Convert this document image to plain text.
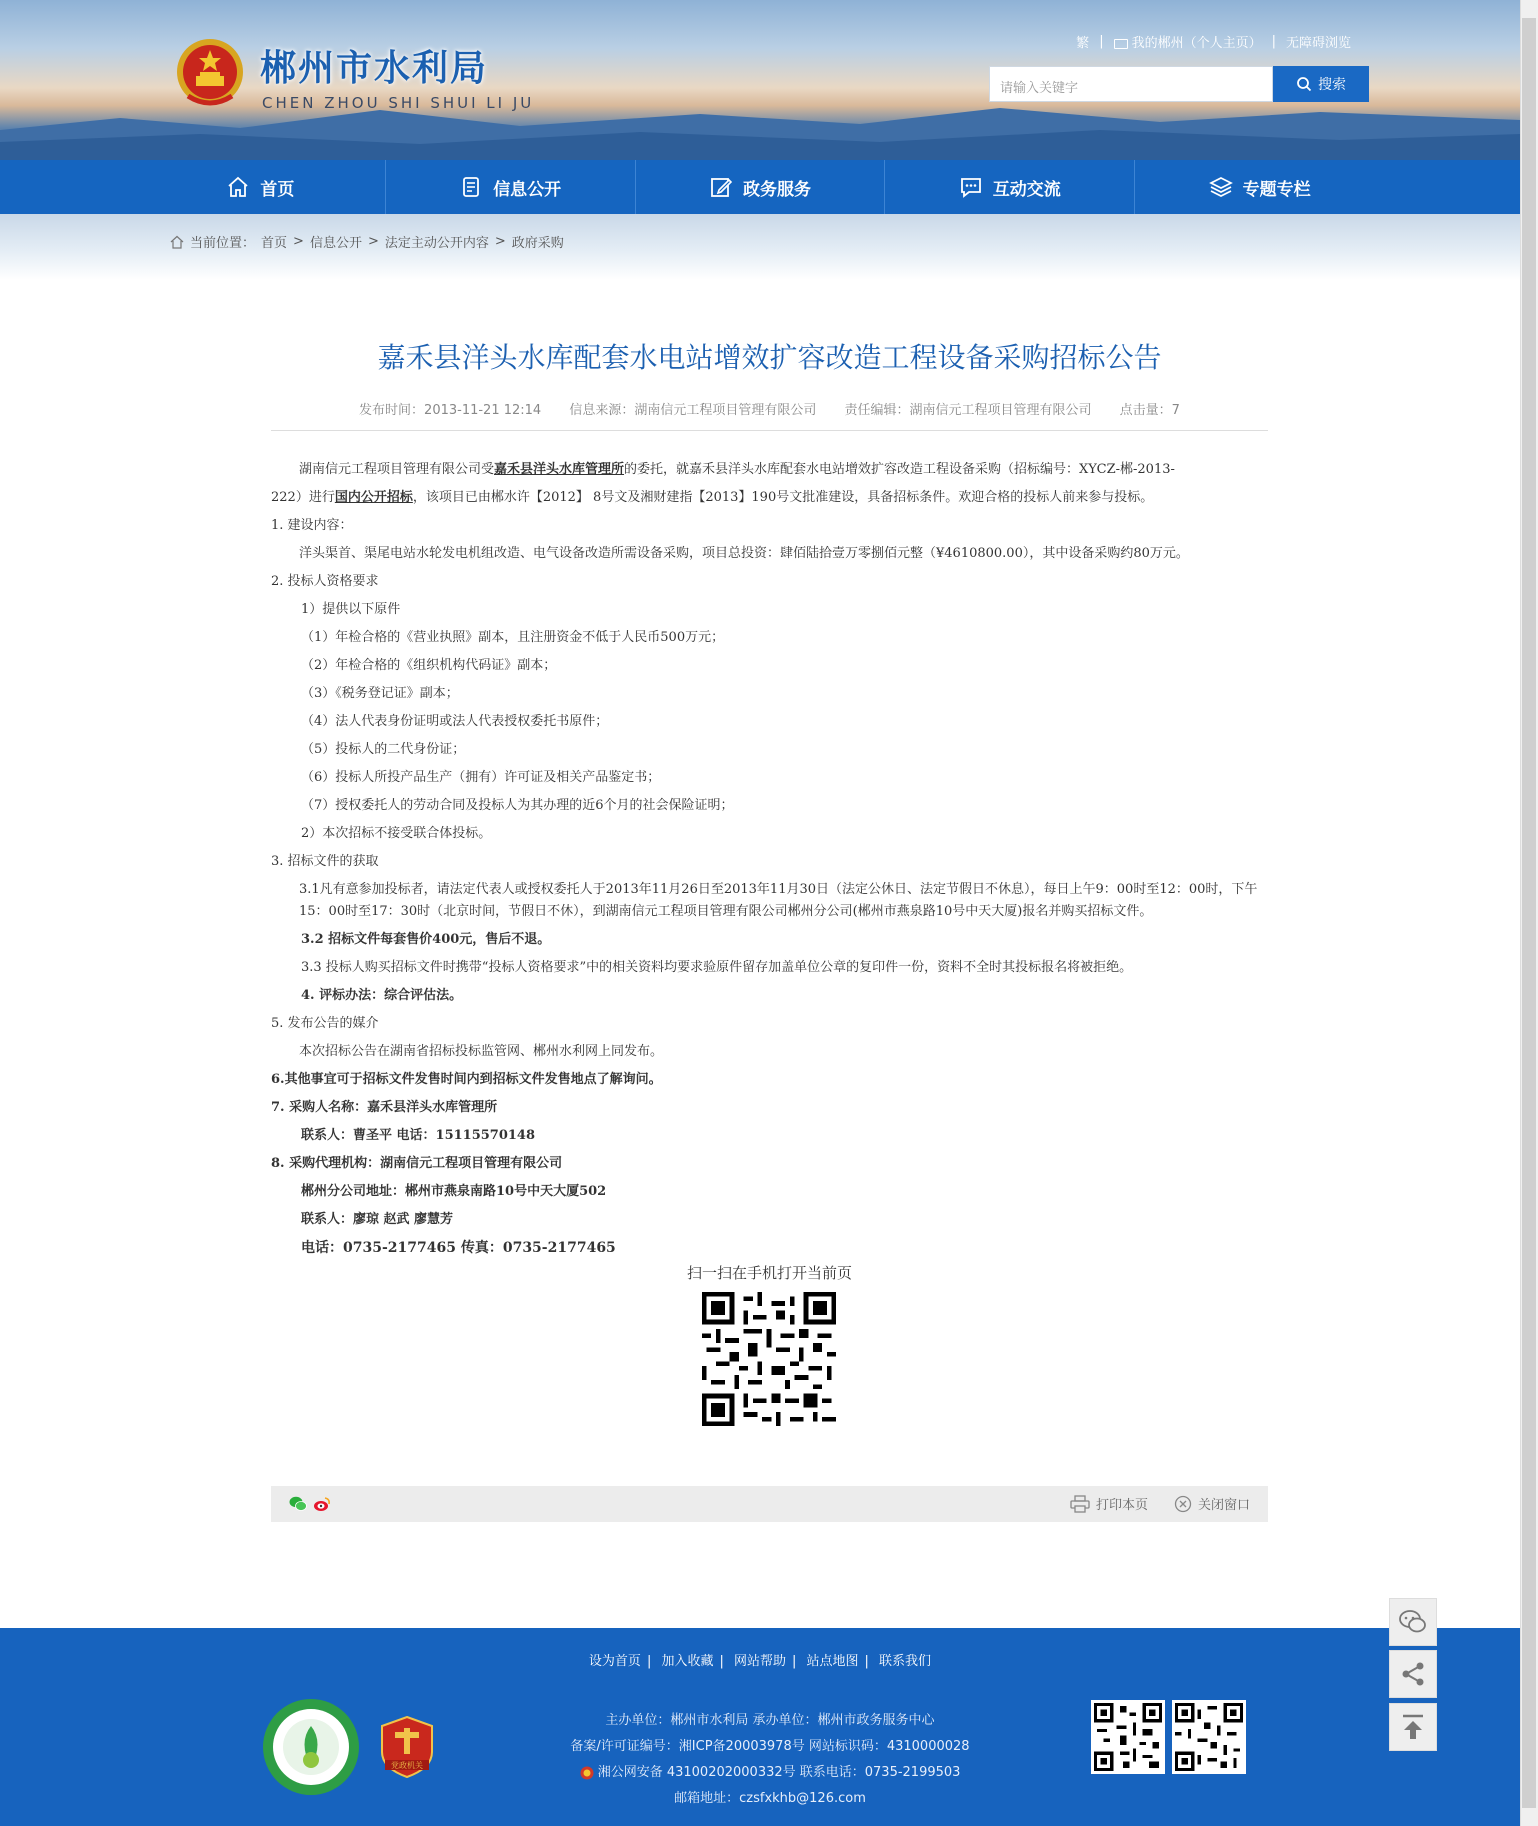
郴州市水利局
CHEN ZHOU SHI SHUI LI JU
繁 |	我的郴州（个人主页） | 无障碍浏览
请输入关键字	搜索
首页	信息公开	政务服务	互动交流	专题专栏
当前位置： 首页 > 信息公开 > 法定主动公开内容 > 政府采购
嘉禾县洋头水库配套水电站增效扩容改造工程设备采购招标公告
发布时间：2013-11-21 12:14 信息来源：湖南信元工程项目管理有限公司 责任编辑：湖南信元工程项目管理有限公司 点击量：7
湖南信元工程项目管理有限公司受嘉禾县洋头水库管理所的委托，就嘉禾县洋头水库配套水电站增效扩容改造工程设备采购（招标编号：XYCZ-郴-2013-
222）进行国内公开招标，该项目已由郴水许【2012】 8号文及湘财建指【2013】190号文批准建设，具备招标条件。欢迎合格的投标人前来参与投标。
1. 建设内容：
洋头渠首、渠尾电站水轮发电机组改造、电气设备改造所需设备采购，项目总投资：肆佰陆拾壹万零捌佰元整（¥4610800.00），其中设备采购约80万元。
2. 投标人资格要求
1）提供以下原件
（1）年检合格的《营业执照》副本，且注册资金不低于人民币500万元；
（2）年检合格的《组织机构代码证》副本；
（3）《税务登记证》副本；
（4）法人代表身份证明或法人代表授权委托书原件；
（5）投标人的二代身份证；
（6）投标人所投产品生产（拥有）许可证及相关产品鉴定书；
（7）授权委托人的劳动合同及投标人为其办理的近6个月的社会保险证明；
2）本次招标不接受联合体投标。
3. 招标文件的获取
3.1凡有意参加投标者，请法定代表人或授权委托人于2013年11月26日至2013年11月30日（法定公休日、法定节假日不休息），每日上午9：00时至12：00时，下午15：00时至17：30时（北京时间，节假日不休），到湖南信元工程项目管理有限公司郴州分公司(郴州市燕泉路10号中天大厦)报名并购买招标文件。
3.2 招标文件每套售价400元，售后不退。
3.3 投标人购买招标文件时携带“投标人资格要求”中的相关资料均要求验原件留存加盖单位公章的复印件一份，资料不全时其投标报名将被拒绝。
4. 评标办法：综合评估法。
5. 发布公告的媒介
本次招标公告在湖南省招标投标监管网、郴州水利网上同发布。
6.其他事宜可于招标文件发售时间内到招标文件发售地点了解询问。
7. 采购人名称：嘉禾县洋头水库管理所
联系人：曹圣平 电话：15115570148
8. 采购代理机构：湖南信元工程项目管理有限公司
郴州分公司地址：郴州市燕泉南路10号中天大厦502
联系人：廖琼 赵武 廖慧芳
电话：0735-2177465 传真：0735-2177465
扫一扫在手机打开当前页
打印本页	关闭窗口
设为首页 | 加入收藏 | 网站帮助 | 站点地图 | 联系我们
党政机关
主办单位：郴州市水利局 承办单位：郴州市政务服务中心
备案/许可证编号：湘ICP备20003978号 网站标识码：4310000028
湘公网安备 43100202000332号 联系电话：0735-2199503
邮箱地址：czsfxkhb@126.com
